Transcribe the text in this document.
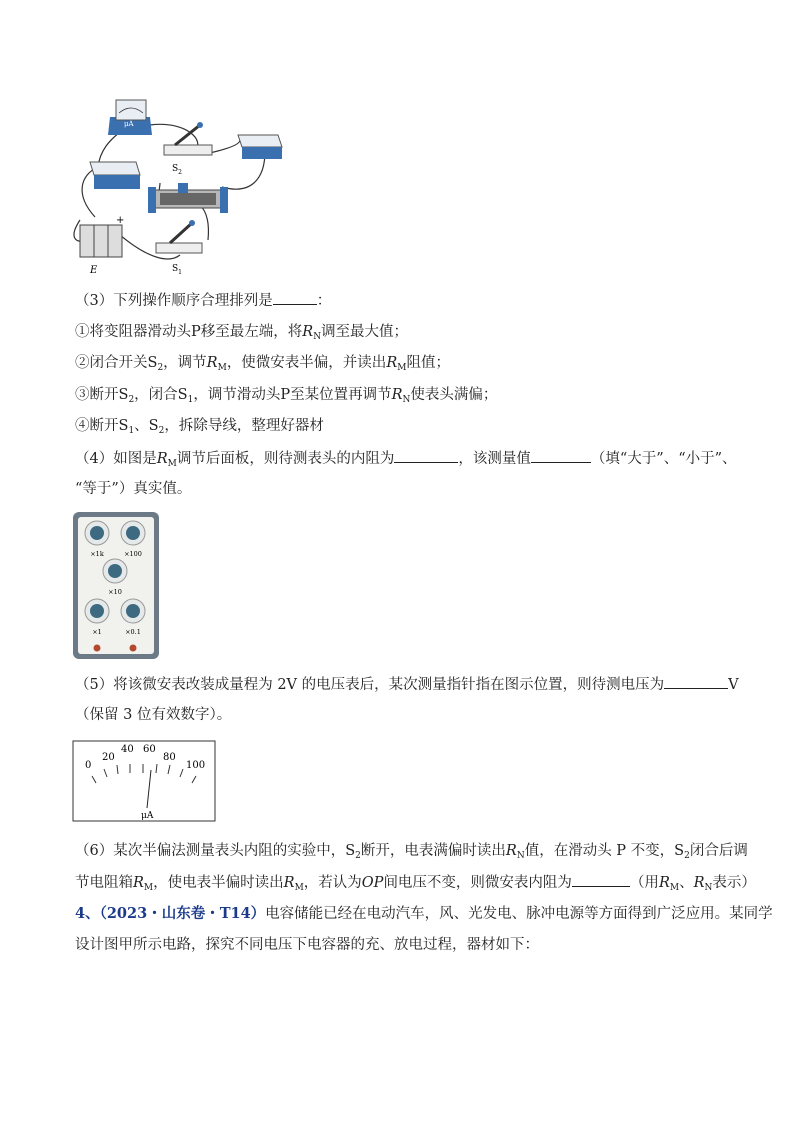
μA
$S_2$
+
E	$S_1$
（3）下列操作顺序合理排列是	：
①将变阻器滑动头P移至最左端，将$R_N$调至最大值；
②闭合开关$S_2$，调节$R_M$，使微安表半偏，并读出$R_M$阻值；
③断开$S_2$，闭合$S_1$，调节滑动头P至某位置再调节$R_N$使表头满偏；
④断开$S_1$、$S_2$，拆除导线，整理好器材
（4）如图是$R_M$调节后面板，则待测表头的内阻为	，该测量值	（填“大于”、“小于”、
“等于”）真实值。
×1k	×100
×10
×1	×0.1
（5）将该微安表改装成量程为 2V 的电压表后，某次测量指针指在图示位置，则待测电压为	V
（保留 3 位有效数字）。
0
20
40 60
80
100
μA
（6）某次半偏法测量表头内阻的实验中，$S_2$断开，电表满偏时读出$R_N$值，在滑动头 P 不变，$S_2$闭合后调
节电阻箱$R_M$，使电表半偏时读出$R_M$，若认为OP间电压不变，则微安表内阻为	（用$R_M$、$R_N$表示）
4、（2023・山东卷・T14）电容储能已经在电动汽车，风、光发电、脉冲电源等方面得到广泛应用。某同学
设计图甲所示电路，探究不同电压下电容器的充、放电过程，器材如下：
